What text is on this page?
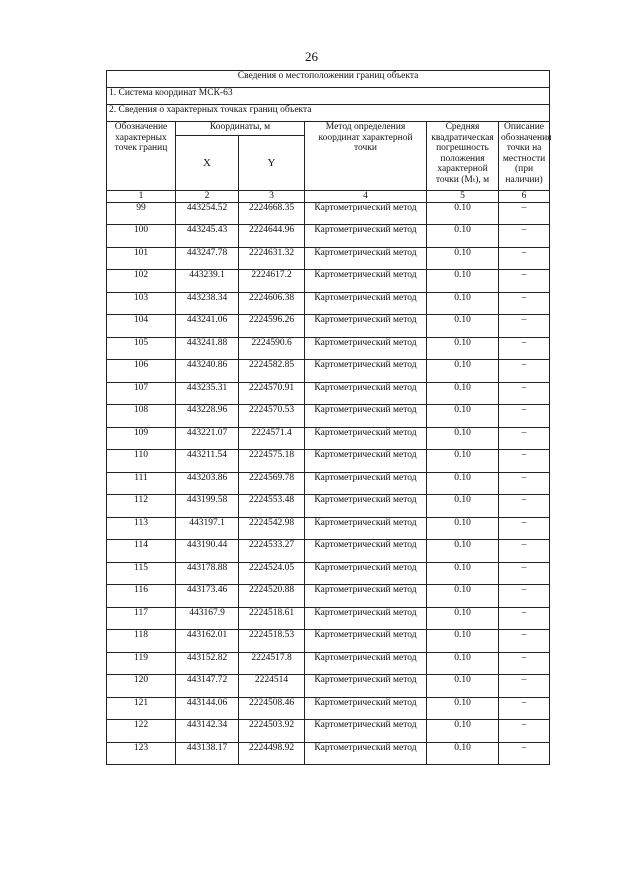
26
Сведения о местоположении границ объекта					
1. Система координат МСК-63					
2. Сведения о характерных точках границ объекта					
Обозначение характерных точек границ	Координаты, м		Метод определения координат характерной точки	Средняя квадратическая погрешность положения характерной точки (Mₜ), м	Описание обозначения точки на местности (при наличии)
	X	Y			
1	2	3	4	5	6
99	443254.52	2224668.35	Картометрический метод	0.10	–
100	443245.43	2224644.96	Картометрический метод	0.10	–
101	443247.78	2224631.32	Картометрический метод	0.10	–
102	443239.1	2224617.2	Картометрический метод	0.10	–
103	443238.34	2224606.38	Картометрический метод	0.10	–
104	443241.06	2224596.26	Картометрический метод	0.10	–
105	443241.88	2224590.6	Картометрический метод	0.10	–
106	443240.86	2224582.85	Картометрический метод	0.10	–
107	443235.31	2224570.91	Картометрический метод	0.10	–
108	443228.96	2224570.53	Картометрический метод	0.10	–
109	443221.07	2224571.4	Картометрический метод	0.10	–
110	443211.54	2224575.18	Картометрический метод	0.10	–
111	443203.86	2224569.78	Картометрический метод	0.10	–
112	443199.58	2224553.48	Картометрический метод	0.10	–
113	443197.1	2224542.98	Картометрический метод	0.10	–
114	443190.44	2224533.27	Картометрический метод	0.10	–
115	443178.88	2224524.05	Картометрический метод	0.10	–
116	443173.46	2224520.88	Картометрический метод	0.10	–
117	443167.9	2224518.61	Картометрический метод	0.10	–
118	443162.01	2224518.53	Картометрический метод	0.10	–
119	443152.82	2224517.8	Картометрический метод	0.10	–
120	443147.72	2224514	Картометрический метод	0.10	–
121	443144.06	2224508.46	Картометрический метод	0.10	–
122	443142.34	2224503.92	Картометрический метод	0.10	–
123	443138.17	2224498.92	Картометрический метод	0.10	–
